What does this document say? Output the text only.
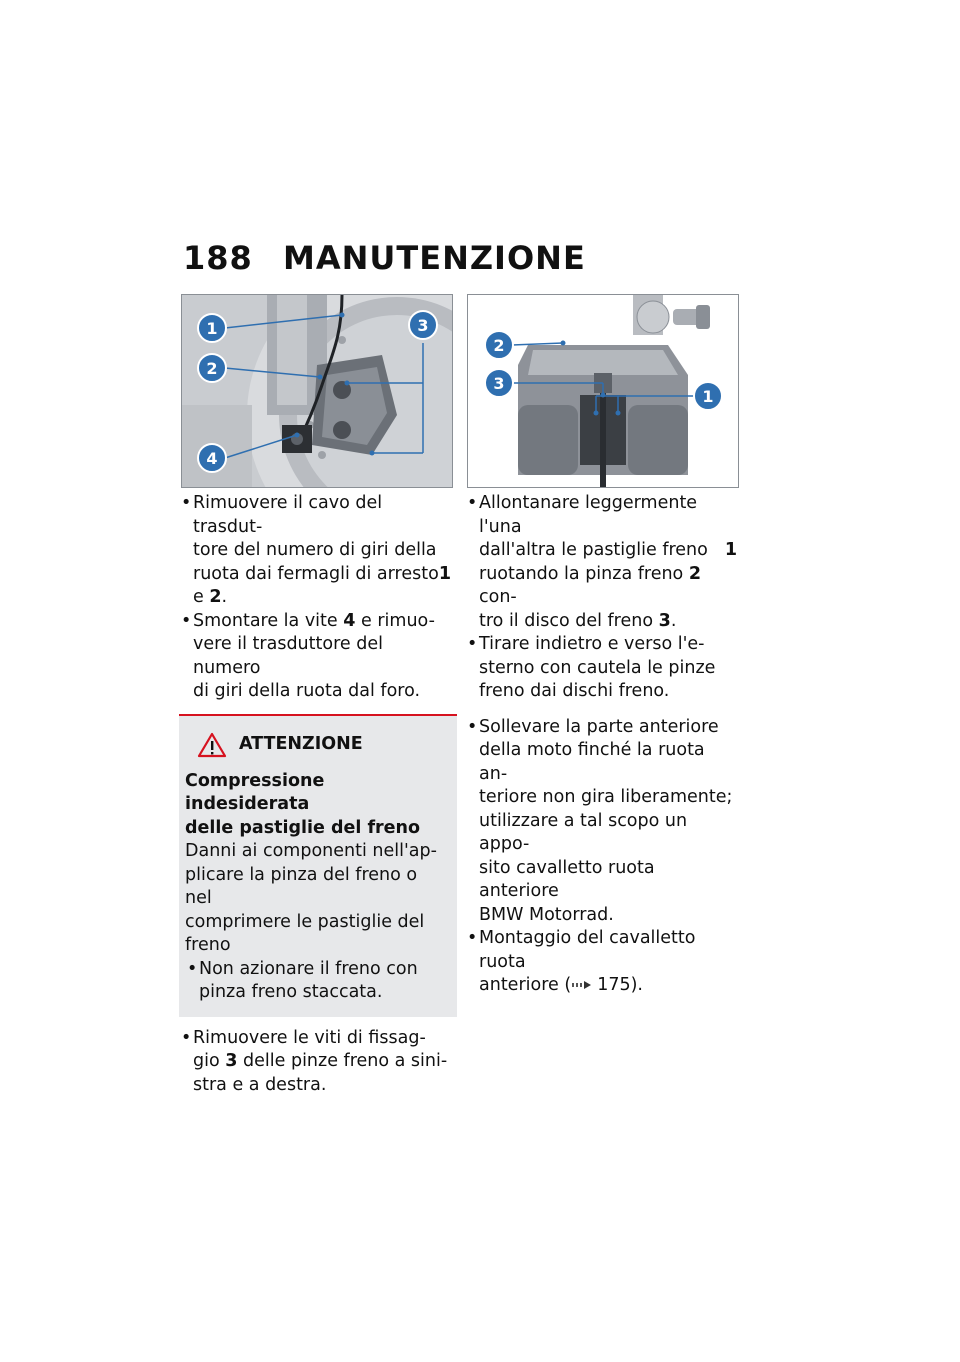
188 MANUTENZIONE
1
2
3
4
2
3
1
• Rimuovere il cavo del trasdut-
tore del numero di giri della
ruota dai fermagli di arresto 1
e 2.
• Smontare la vite 4 e rimuo-
vere il trasduttore del numero
di giri della ruota dal foro.
ATTENZIONE
Compressione indesiderata
delle pastiglie del freno
Danni ai componenti nell'ap-
plicare la pinza del freno o nel
comprimere le pastiglie del
freno
• Non azionare il freno con
pinza freno staccata.
• Rimuovere le viti di fissag-
gio 3 delle pinze freno a sini-
stra e a destra.
• Allontanare leggermente l'una
dall'altra le pastiglie freno 1
ruotando la pinza freno 2 con-
tro il disco del freno 3.
• Tirare indietro e verso l'e-
sterno con cautela le pinze
freno dai dischi freno.
• Sollevare la parte anteriore
della moto finché la ruota an-
teriore non gira liberamente;
utilizzare a tal scopo un appo-
sito cavalletto ruota anteriore
BMW Motorrad.
• Montaggio del cavalletto ruota
anteriore ( 175).
